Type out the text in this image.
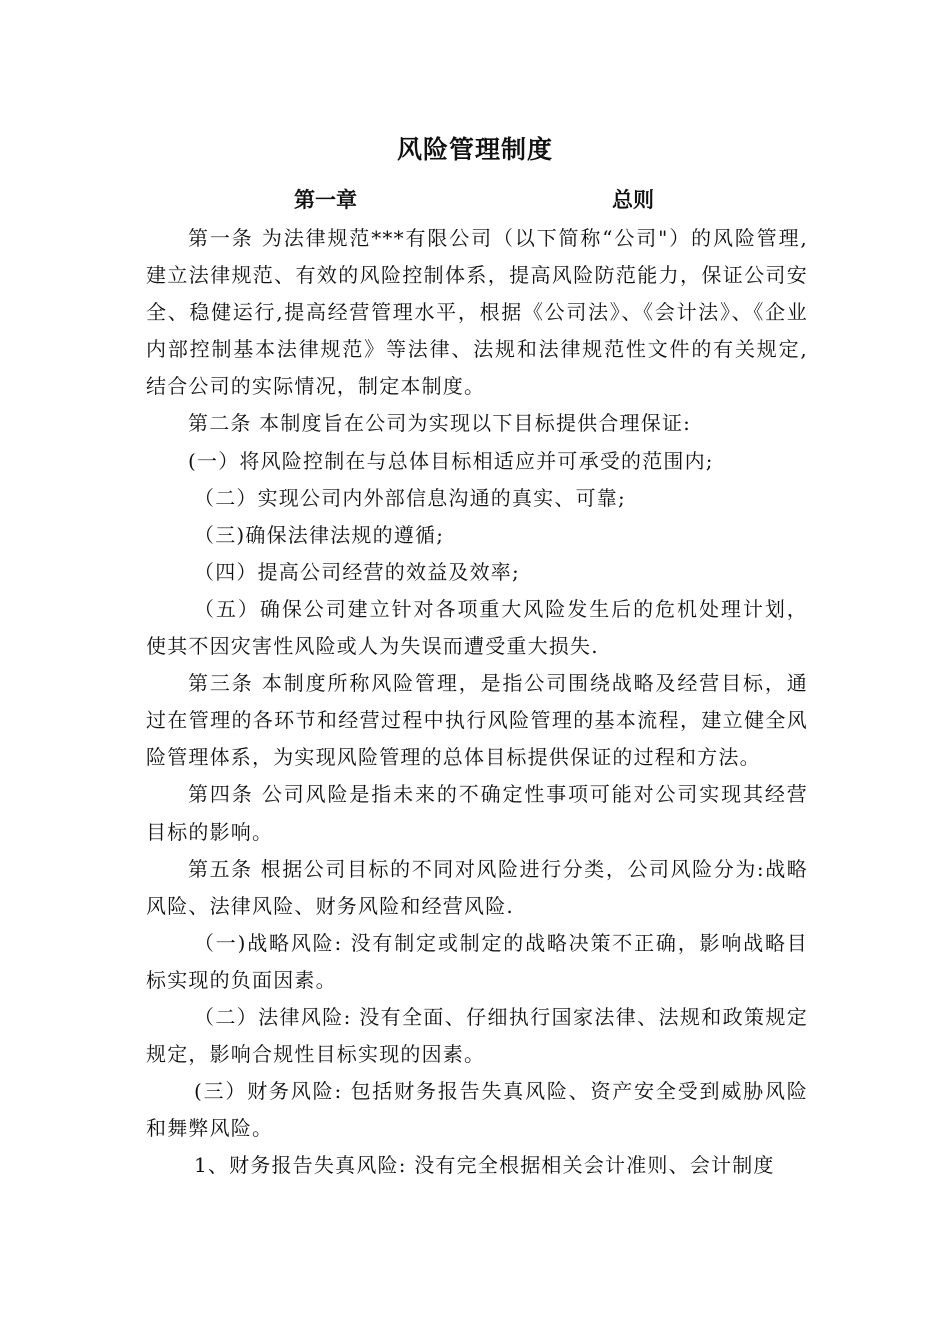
风险管理制度
第一章	总则

第一条 为法律规范***有限公司（以下简称“公司"）的风险管理,建立法律规范、有效的风险控制体系，提高风险防范能力，保证公司安全、稳健运行,提高经营管理水平，根据《公司法》、《会计法》、《企业内部控制基本法律规范》等法律、法规和法律规范性文件的有关规定,结合公司的实际情况，制定本制度。

第二条 本制度旨在公司为实现以下目标提供合理保证:

(一）将风险控制在与总体目标相适应并可承受的范围内;

（二）实现公司内外部信息沟通的真实、可靠;

（三)确保法律法规的遵循;

（四）提高公司经营的效益及效率;

（五）确保公司建立针对各项重大风险发生后的危机处理计划，使其不因灾害性风险或人为失误而遭受重大损失.

第三条 本制度所称风险管理，是指公司围绕战略及经营目标，通过在管理的各环节和经营过程中执行风险管理的基本流程，建立健全风险管理体系，为实现风险管理的总体目标提供保证的过程和方法。

第四条 公司风险是指未来的不确定性事项可能对公司实现其经营目标的影响。

第五条 根据公司目标的不同对风险进行分类，公司风险分为:战略风险、法律风险、财务风险和经营风险.

（一)战略风险: 没有制定或制定的战略决策不正确，影响战略目标实现的负面因素。

（二）法律风险: 没有全面、仔细执行国家法律、法规和政策规定规定，影响合规性目标实现的因素。

(三）财务风险: 包括财务报告失真风险、资产安全受到威胁风险和舞弊风险。

1、财务报告失真风险: 没有完全根据相关会计准则、会计制度
